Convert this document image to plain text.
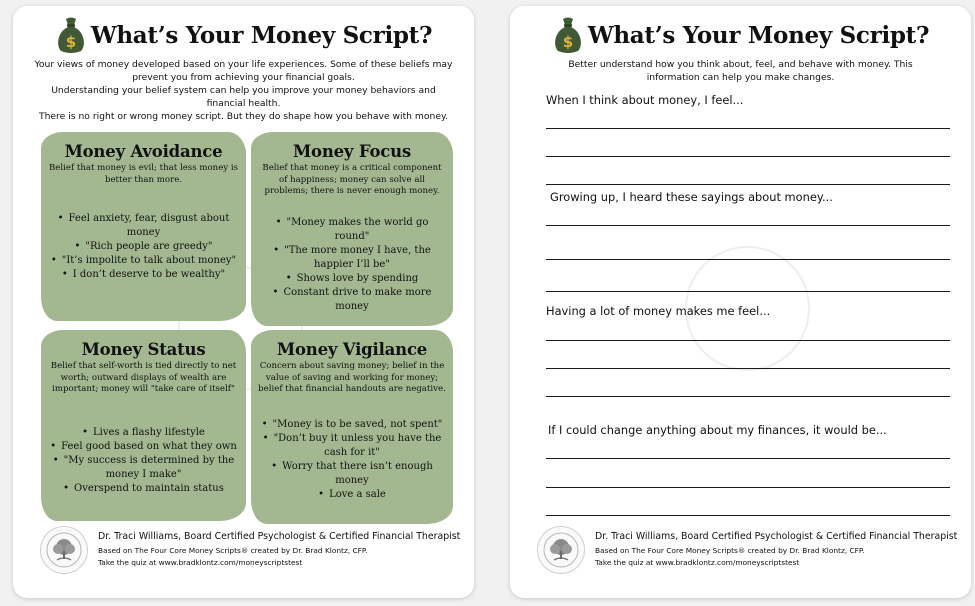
$ What’s Your Money Script?

Your views of money developed based on your life experiences. Some of these beliefs may prevent you from achieving your financial goals.

Understanding your belief system can help you improve your money behaviors and financial health.

There is no right or wrong money script. But they do shape how you behave with money.

Money Avoidance
Belief that money is evil; that less money is better than more.
• Feel anxiety, fear, disgust about money
• "Rich people are greedy"
• "It’s impolite to talk about money"
• I don’t deserve to be wealthy"
Money Focus
Belief that money is a critical component of happiness; money can solve all problems; there is never enough money.
• "Money makes the world go round"
• "The more money I have, the happier I’ll be"
• Shows love by spending
• Constant drive to make more money
Money Status
Belief that self-worth is tied directly to net worth; outward displays of wealth are important; money will "take care of itself"
• Lives a flashy lifestyle
• Feel good based on what they own
• "My success is determined by the money I make"
• Overspend to maintain status
Money Vigilance
Concern about saving money; belief in the value of saving and working for money; belief that financial handouts are negative.
• "Money is to be saved, not spent"
• "Don’t buy it unless you have the cash for it"
• Worry that there isn’t enough money
• Love a sale
Dr. Traci Williams, Board Certified Psychologist & Certified Financial Therapist
Based on The Four Core Money Scripts® created by Dr. Brad Klontz, CFP.
Take the quiz at www.bradklontz.com/moneyscriptstest
$ What’s Your Money Script?
Better understand how you think about, feel, and behave with money. This information can help you make changes.
When I think about money, I feel...
Growing up, I heard these sayings about money...
Having a lot of money makes me feel...
If I could change anything about my finances, it would be...
Dr. Traci Williams, Board Certified Psychologist & Certified Financial Therapist
Based on The Four Core Money Scripts® created by Dr. Brad Klontz, CFP.
Take the quiz at www.bradklontz.com/moneyscriptstest
